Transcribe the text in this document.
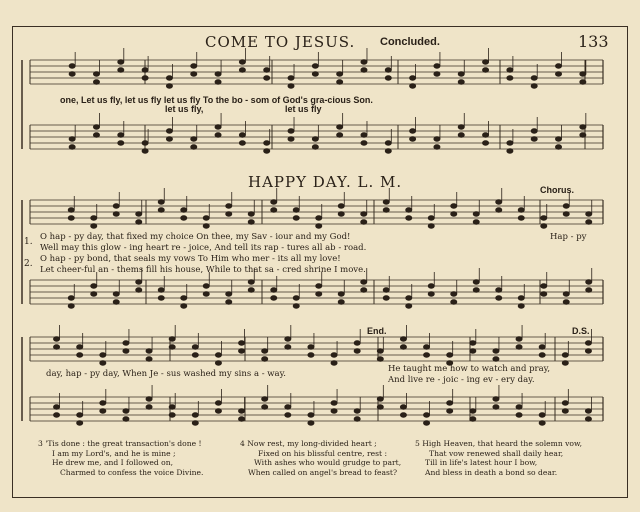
COME TO JESUS. Concluded.	133
one, Let us fly, let us fly let us fly To the bo - som of God's gra-cious Son.
let us fly,	let us fly
HAPPY DAY. L. M.	Chorus.
1. O hap - py day, that fixed my choice On thee, my Sav - iour and my God!
Well may this glow - ing heart re - joice, And tell its rap - tures all ab - road.
2. O hap - py bond, that seals my vows To Him who mer - its all my love!
Let cheer-ful an - thems fill his house, While to that sa - cred shrine I move.
Hap - py
End.	D.S.
day, hap - py day, When Je - sus washed my sins a - way.	He taught me how to watch and pray,
And live re - joic - ing ev - ery day.
3 'Tis done : the great transaction's done !
I am my Lord's, and he is mine ;
He drew me, and I followed on,
Charmed to confess the voice Divine.
4 Now rest, my long-divided heart ;
Fixed on his blissful centre, rest :
With ashes who would grudge to part,
When called on angel's bread to feast?
5 High Heaven, that heard the solemn vow,
That vow renewed shall daily hear,
Till in life's latest hour I bow,
And bless in death a bond so dear.
